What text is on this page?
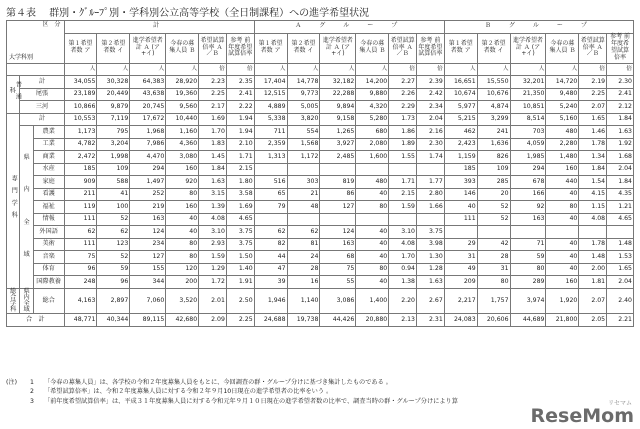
第４表 群別・ｸﾞﾙｰﾌﾟ別・学科別公立高等学校（全日制課程）への進学希望状況
区　分
大学科別			計						Ａ　グ　ル　ー　プ						Ｂ　グ　ル　ー　プ					
			第１希望者数 ア	第２希望者数 イ	進学希望者計 Ａ (ア+イ)	今春の募集人員 Ｂ	希望試算倍率 Ａ／Ｂ	参考 前年度希望試算倍率	第１希望者数 ア	第２希望者数 イ	進学希望者計 Ａ (ア+イ)	今春の募集人員 Ｂ	希望試算倍率 Ａ／Ｂ	参考 前年度希望試算倍率	第１希望者数 ア	第２希望者数 イ	進学希望者計 Ａ (ア+イ)	今春の募集人員 Ｂ	希望試算倍率 Ａ／Ｂ	参考 前年度希望試算倍率
			人	人	人	人	倍	倍	人	人	人	人	倍	倍	人	人	人	人	倍	倍
普通科	計		34,055	30,328	64,383	28,920	2.23	2.35	17,404	14,778	32,182	14,200	2.27	2.39	16,651	15,550	32,201	14,720	2.19	2.30
	尾張		23,189	20,449	43,638	19,360	2.25	2.41	12,515	9,773	22,288	9,880	2.26	2.42	10,674	10,676	21,350	9,480	2.25	2.41
	三河		10,866	9,879	20,745	9,560	2.17	2.22	4,889	5,005	9,894	4,320	2.29	2.34	5,977	4,874	10,851	5,240	2.07	2.12
専門学科	計		10,553	7,119	17,672	10,440	1.69	1.94	5,338	3,820	9,158	5,280	1.73	2.04	5,215	3,299	8,514	5,160	1.65	1.84

	県
内
全
域	農業	1,173	795	1,968	1,160	1.70	1.94	711	554	1,265	680	1.86	2.16	462	241	703	480	1.46	1.63
		工業	4,782	3,204	7,986	4,360	1.83	2.10	2,359	1,568	3,927	2,080	1.89	2.30	2,423	1,636	4,059	2,280	1.78	1.92
		商業	2,472	1,998	4,470	3,080	1.45	1.71	1,313	1,172	2,485	1,600	1.55	1.74	1,159	826	1,985	1,480	1.34	1.68
		水産	185	109	294	160	1.84	2.15							185	109	294	160	1.84	2.04
		家庭	909	588	1,497	920	1.63	1.80	516	303	819	480	1.71	1.77	393	285	678	440	1.54	1.84
		看護	211	41	252	80	3.15	3.58	65	21	86	40	2.15	2.80	146	20	166	40	4.15	4.35
		福祉	119	100	219	160	1.39	1.69	79	48	127	80	1.59	1.66	40	52	92	80	1.15	1.21
		情報	111	52	163	40	4.08	4.65							111	52	163	40	4.08	4.65
		外国語	62	62	124	40	3.10	3.75	62	62	124	40	3.10	3.75						
		美術	111	123	234	80	2.93	3.75	82	81	163	40	4.08	3.98	29	42	71	40	1.78	1.48
		音楽	75	52	127	80	1.59	1.50	44	24	68	40	1.70	1.30	31	28	59	40	1.48	1.53
		体育	96	59	155	120	1.29	1.40	47	28	75	80	0.94	1.28	49	31	80	40	2.00	1.65
		国際教養	248	96	344	200	1.72	1.91	39	16	55	40	1.38	1.63	209	80	289	160	1.81	2.04
総合学科	県内全域	総合	4,163	2,897	7,060	3,520	2.01	2.50	1,946	1,140	3,086	1,400	2.20	2.67	2,217	1,757	3,974	1,920	2.07	2.40
合　計			48,771	40,344	89,115	42,680	2.09	2.25	24,688	19,738	44,426	20,880	2.13	2.31	24,083	20,606	44,689	21,800	2.05	2.21
(注) 1 「今春の募集人員」は、各学校の令和２年度募集人員をもとに、今回調査の群・グループ分けに基づき集計したものである 。
2 「希望試算倍率」は、令和２年度募集人員に対する令和２年９月10日現在の進学希望者の比率をいう 。
3 「前年度希望試算倍率」は、平成３１年度募集人員に対する令和元年９月１０日現在の進学希望者数の比率で、調査当時の群・グループ分けにより算	リセマム
ReseMom
